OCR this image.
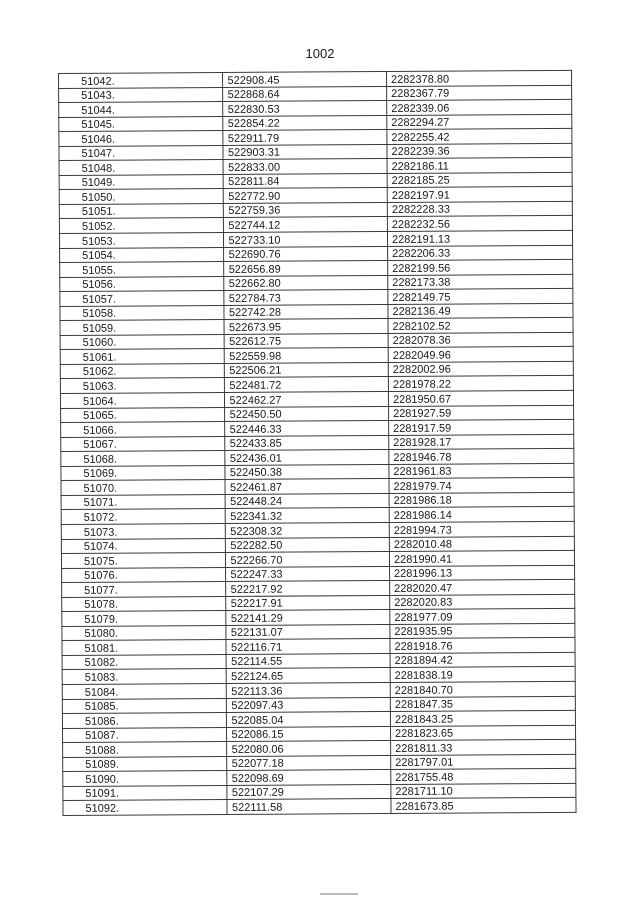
1002
51042.	522908.45	2282378.80
51043.	522868.64	2282367.79
51044.	522830.53	2282339.06
51045.	522854.22	2282294.27
51046.	522911.79	2282255.42
51047.	522903.31	2282239.36
51048.	522833.00	2282186.11
51049.	522811.84	2282185.25
51050.	522772.90	2282197.91
51051.	522759.36	2282228.33
51052.	522744.12	2282232.56
51053.	522733.10	2282191.13
51054.	522690.76	2282206.33
51055.	522656.89	2282199.56
51056.	522662.80	2282173.38
51057.	522784.73	2282149.75
51058.	522742.28	2282136.49
51059.	522673.95	2282102.52
51060.	522612.75	2282078.36
51061.	522559.98	2282049.96
51062.	522506.21	2282002.96
51063.	522481.72	2281978.22
51064.	522462.27	2281950.67
51065.	522450.50	2281927.59
51066.	522446.33	2281917.59
51067.	522433.85	2281928.17
51068.	522436.01	2281946.78
51069.	522450.38	2281961.83
51070.	522461.87	2281979.74
51071.	522448.24	2281986.18
51072.	522341.32	2281986.14
51073.	522308.32	2281994.73
51074.	522282.50	2282010.48
51075.	522266.70	2281990.41
51076.	522247.33	2281996.13
51077.	522217.92	2282020.47
51078.	522217.91	2282020.83
51079.	522141.29	2281977.09
51080.	522131.07	2281935.95
51081.	522116.71	2281918.76
51082.	522114.55	2281894.42
51083.	522124.65	2281838.19
51084.	522113.36	2281840.70
51085.	522097.43	2281847.35
51086.	522085.04	2281843.25
51087.	522086.15	2281823.65
51088.	522080.06	2281811.33
51089.	522077.18	2281797.01
51090.	522098.69	2281755.48
51091.	522107.29	2281711.10
51092.	522111.58	2281673.85
